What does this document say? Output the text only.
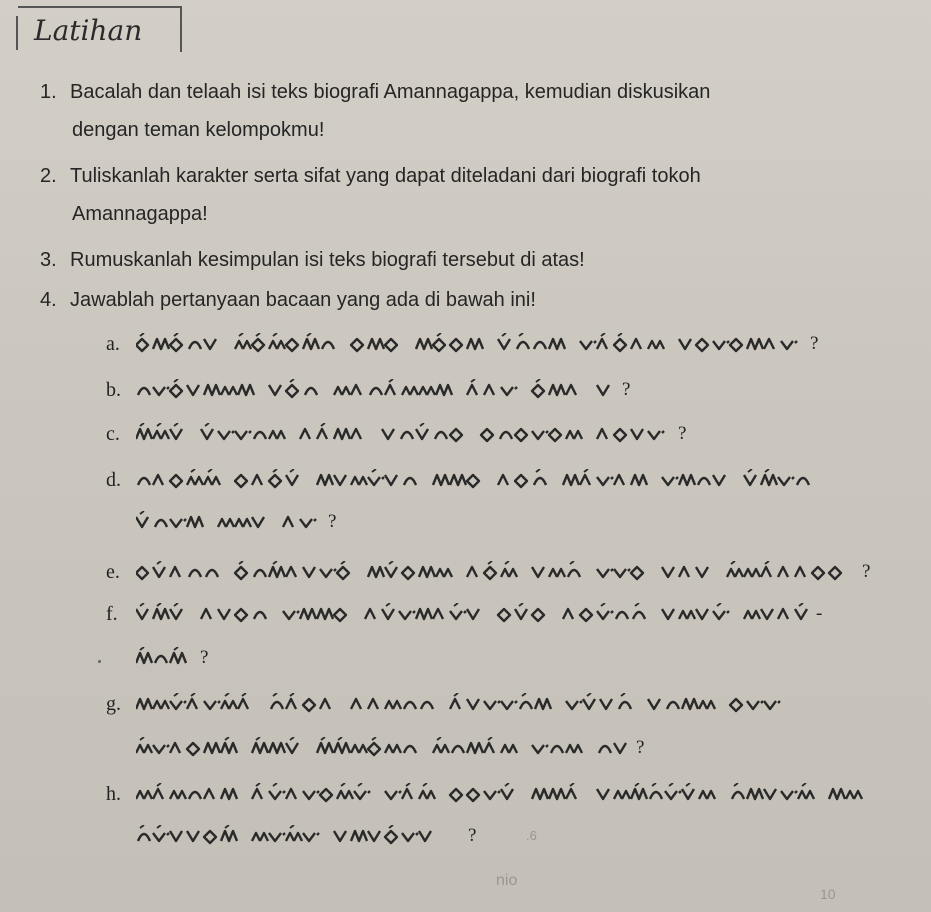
Latihan
1. Bacalah dan telaah isi teks biografi Amannagappa, kemudian diskusikan
dengan teman kelompokmu!
2. Tuliskanlah karakter serta sifat yang dapat diteladani dari biografi tokoh
Amannagappa!
3. Rumuskanlah kesimpulan isi teks biografi tersebut di atas!
4. Jawablah pertanyaan bacaan yang ada di bawah ini!
a.	?
b.	?
c.	?
d.
?
e.	?
f.	-
?
g.
?
h.
?	.6
nio
10
